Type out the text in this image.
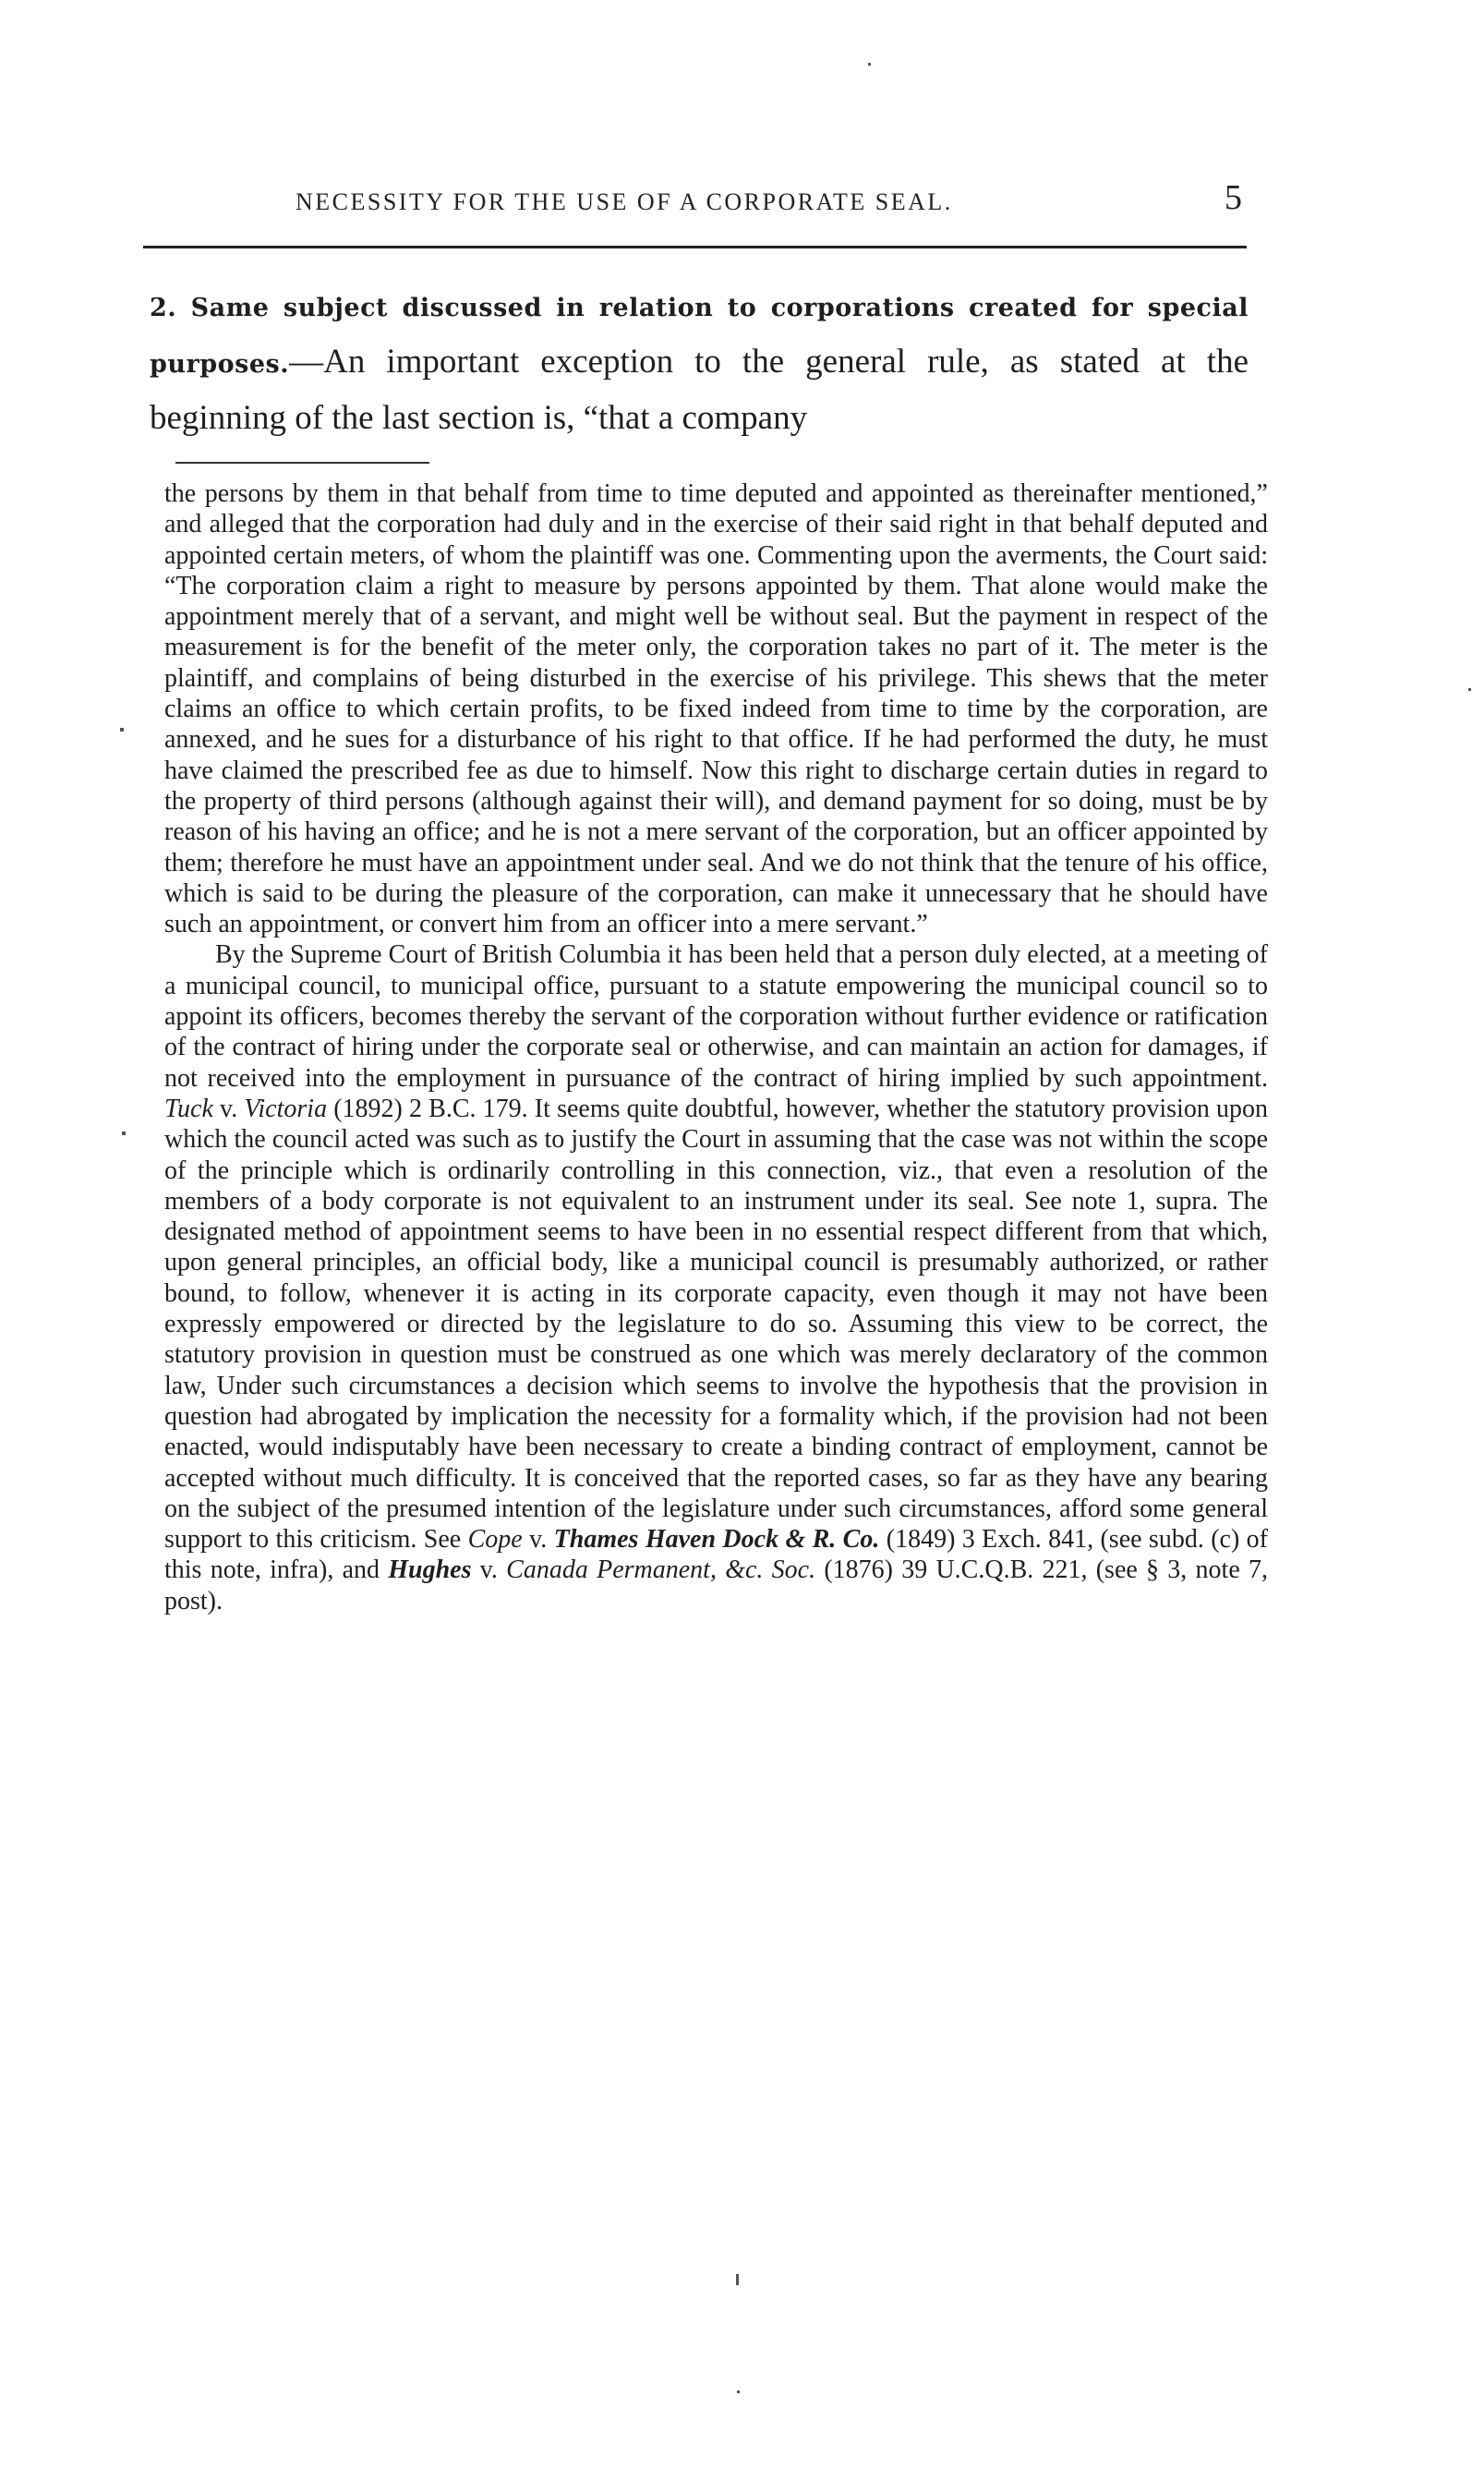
NECESSITY FOR THE USE OF A CORPORATE SEAL.	5
2. Same subject discussed in relation to corporations created for special purposes.—An important exception to the general rule, as stated at the beginning of the last section is, “that a company

the persons by them in that behalf from time to time deputed and appointed as thereinafter mentioned,” and alleged that the corporation had duly and in the exercise of their said right in that behalf deputed and appointed certain meters, of whom the plaintiff was one. Commenting upon the averments, the Court said: “The corporation claim a right to measure by persons appointed by them. That alone would make the appointment merely that of a servant, and might well be without seal. But the payment in respect of the measurement is for the benefit of the meter only, the corporation takes no part of it. The meter is the plaintiff, and complains of being disturbed in the exercise of his privilege. This shews that the meter claims an office to which certain profits, to be fixed indeed from time to time by the corporation, are annexed, and he sues for a disturbance of his right to that office. If he had performed the duty, he must have claimed the prescribed fee as due to himself. Now this right to discharge certain duties in regard to the property of third persons (although against their will), and demand payment for so doing, must be by reason of his having an office; and he is not a mere servant of the corporation, but an officer appointed by them; therefore he must have an appointment under seal. And we do not think that the tenure of his office, which is said to be during the pleasure of the corporation, can make it unnecessary that he should have such an appointment, or convert him from an officer into a mere servant.”

By the Supreme Court of British Columbia it has been held that a person duly elected, at a meeting of a municipal council, to municipal office, pursuant to a statute empowering the municipal council so to appoint its officers, becomes thereby the servant of the corporation without further evidence or ratification of the contract of hiring under the corporate seal or otherwise, and can maintain an action for damages, if not received into the employment in pursuance of the contract of hiring implied by such appointment. Tuck v. Victoria (1892) 2 B.C. 179. It seems quite doubtful, however, whether the statutory provision upon which the council acted was such as to justify the Court in assuming that the case was not within the scope of the principle which is ordinarily controlling in this connection, viz., that even a resolution of the members of a body corporate is not equivalent to an instrument under its seal. See note 1, supra. The designated method of appointment seems to have been in no essential respect different from that which, upon general principles, an official body, like a municipal council is presumably authorized, or rather bound, to follow, whenever it is acting in its corporate capacity, even though it may not have been expressly empowered or directed by the legislature to do so. Assuming this view to be correct, the statutory provision in question must be construed as one which was merely declaratory of the common law, Under such circumstances a decision which seems to involve the hypothesis that the provision in question had abrogated by implication the necessity for a formality which, if the provision had not been enacted, would indisputably have been necessary to create a binding contract of employment, cannot be accepted without much difficulty. It is conceived that the reported cases, so far as they have any bearing on the subject of the presumed intention of the legislature under such circumstances, afford some general support to this criticism. See Cope v. Thames Haven Dock & R. Co. (1849) 3 Exch. 841, (see subd. (c) of this note, infra), and Hughes v. Canada Permanent, &c. Soc. (1876) 39 U.C.Q.B. 221, (see § 3, note 7, post).
